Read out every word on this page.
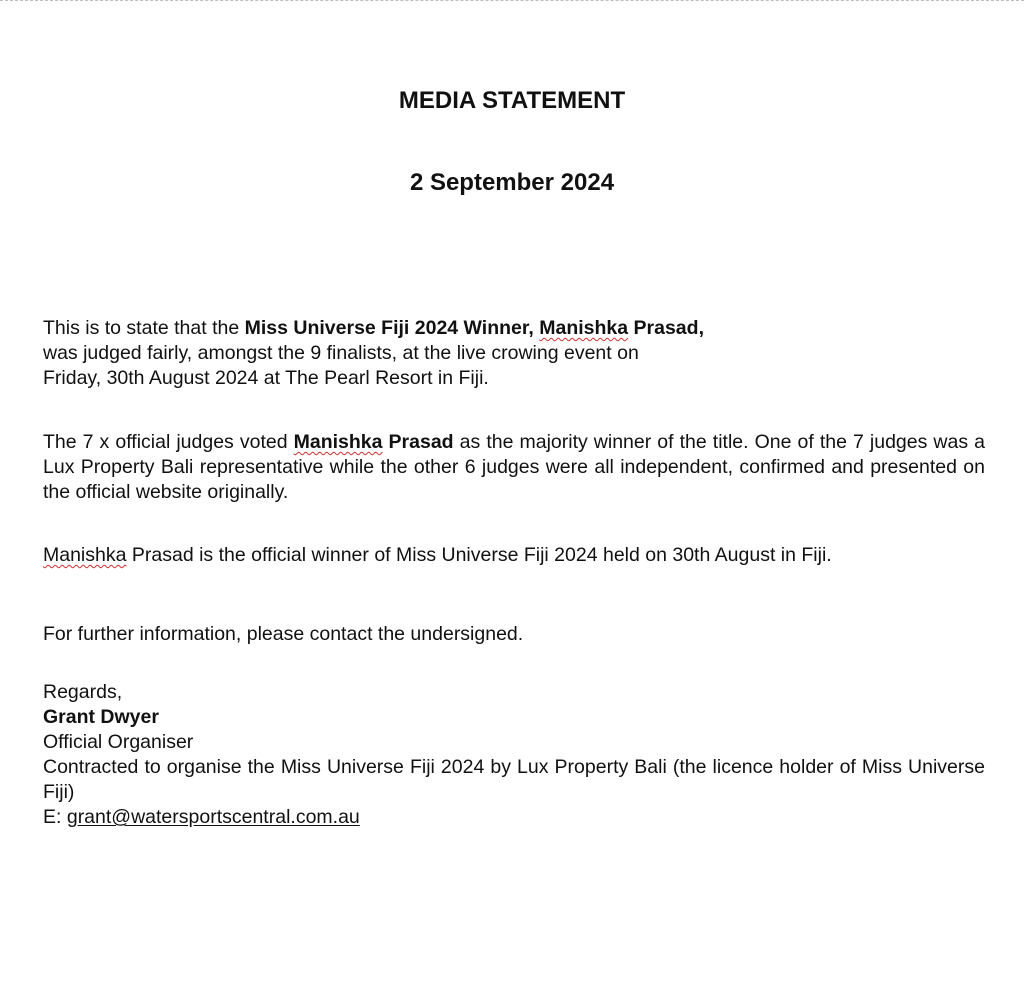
MEDIA STATEMENT
2 September 2024

This is to state that the Miss Universe Fiji 2024 Winner, Manishka Prasad,
was judged fairly, amongst the 9 finalists, at the live crowing event on
Friday, 30th August 2024 at The Pearl Resort in Fiji.

The 7 x official judges voted Manishka Prasad as the majority winner of the title. One of the 7 judges was a Lux Property Bali representative while the other 6 judges were all independent, confirmed and presented on the official website originally.

Manishka Prasad is the official winner of Miss Universe Fiji 2024 held on 30th August in Fiji.

For further information, please contact the undersigned.

Regards,
Grant Dwyer
Official Organiser
Contracted to organise the Miss Universe Fiji 2024 by Lux Property Bali (the licence holder of Miss Universe Fiji)
E: grant@watersportscentral.com.au
